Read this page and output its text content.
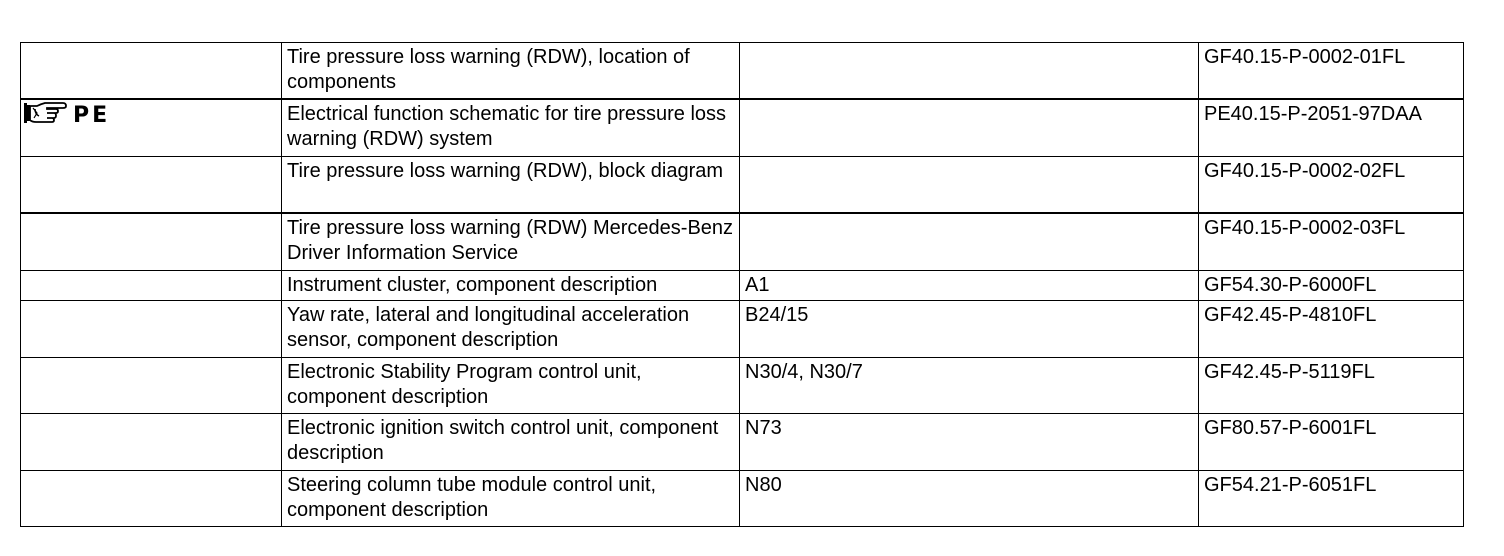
	Tire pressure loss warning (RDW), location of components		GF40.15-P-0002-01FL

PE	Electrical function schematic for tire pressure loss warning (RDW) system		PE40.15-P-2051-97DAA
	Tire pressure loss warning (RDW), block diagram		GF40.15-P-0002-02FL
	Tire pressure loss warning (RDW) Mercedes-Benz Driver Information Service		GF40.15-P-0002-03FL
	Instrument cluster, component description	A1	GF54.30-P-6000FL
	Yaw rate, lateral and longitudinal acceleration sensor, component description	B24/15	GF42.45-P-4810FL
	Electronic Stability Program control unit, component description	N30/4, N30/7	GF42.45-P-5119FL
	Electronic ignition switch control unit, component description	N73	GF80.57-P-6001FL
	Steering column tube module control unit, component description	N80	GF54.21-P-6051FL
